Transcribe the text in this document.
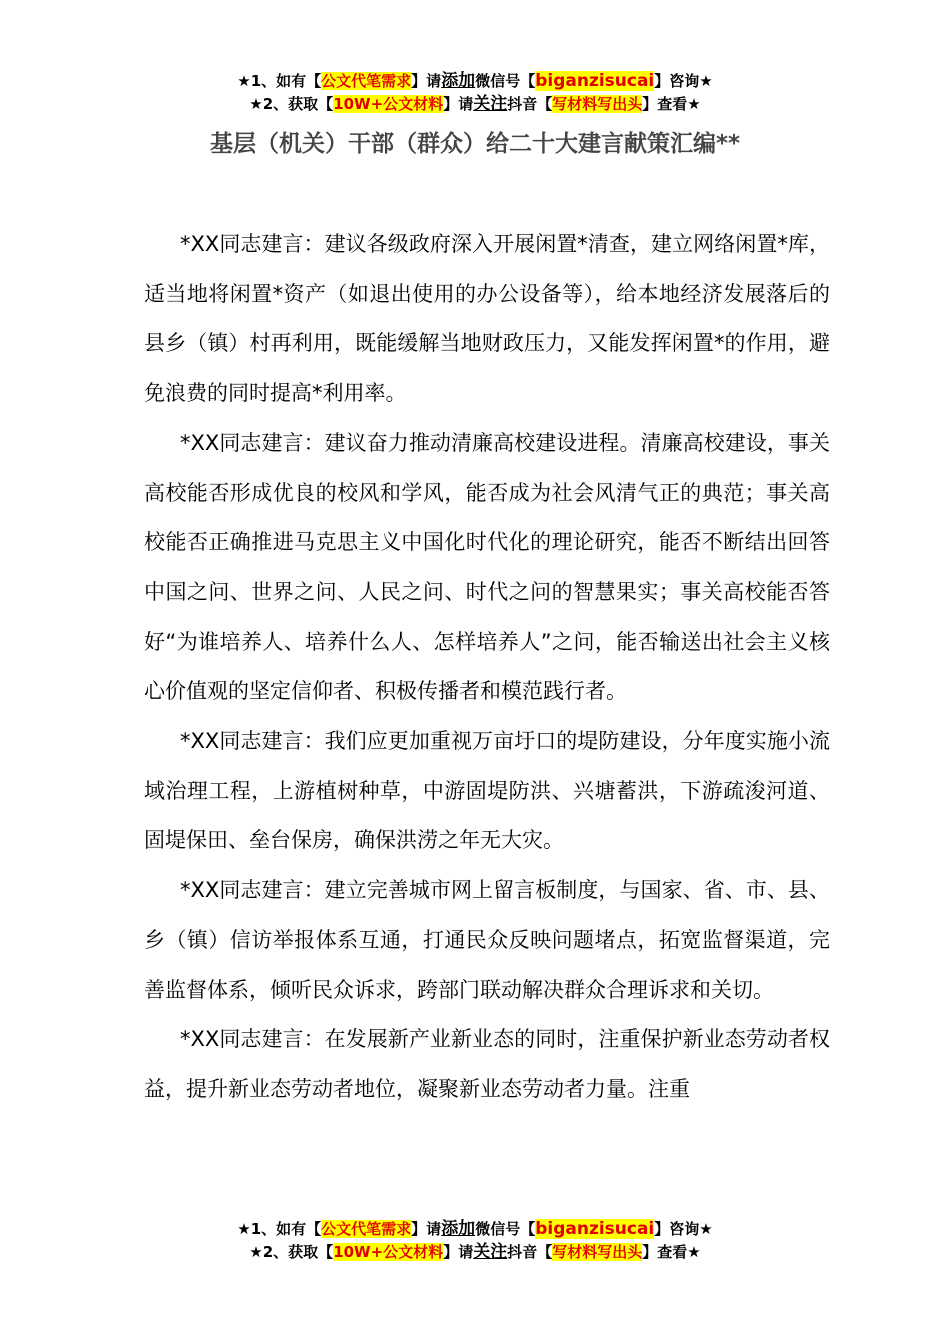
★1、如有【公文代笔需求】请添加微信号【biganzisucai】咨询★
★2、获取【10W+公文材料】请关注抖音【写材料写出头】查看★
基层（机关）干部（群众）给二十大建言献策汇编**

*XX同志建言：建议各级政府深入开展闲置*清查，建立网络闲置*库，适当地将闲置*资产（如退出使用的办公设备等），给本地经济发展落后的县乡（镇）村再利用，既能缓解当地财政压力，又能发挥闲置*的作用，避免浪费的同时提高*利用率。

*XX同志建言：建议奋力推动清廉高校建设进程。清廉高校建设，事关高校能否形成优良的校风和学风，能否成为社会风清气正的典范；事关高校能否正确推进马克思主义中国化时代化的理论研究，能否不断结出回答中国之问、世界之问、人民之问、时代之问的智慧果实；事关高校能否答好“为谁培养人、培养什么人、怎样培养人”之问，能否输送出社会主义核心价值观的坚定信仰者、积极传播者和模范践行者。

*XX同志建言：我们应更加重视万亩圩口的堤防建设，分年度实施小流域治理工程，上游植树种草，中游固堤防洪、兴塘蓄洪，下游疏浚河道、固堤保田、垒台保房，确保洪涝之年无大灾。

*XX同志建言：建立完善城市网上留言板制度，与国家、省、市、县、乡（镇）信访举报体系互通，打通民众反映问题堵点，拓宽监督渠道，完善监督体系，倾听民众诉求，跨部门联动解决群众合理诉求和关切。

*XX同志建言：在发展新产业新业态的同时，注重保护新业态劳动者权益，提升新业态劳动者地位，凝聚新业态劳动者力量。注重

★1、如有【公文代笔需求】请添加微信号【biganzisucai】咨询★
★2、获取【10W+公文材料】请关注抖音【写材料写出头】查看★
